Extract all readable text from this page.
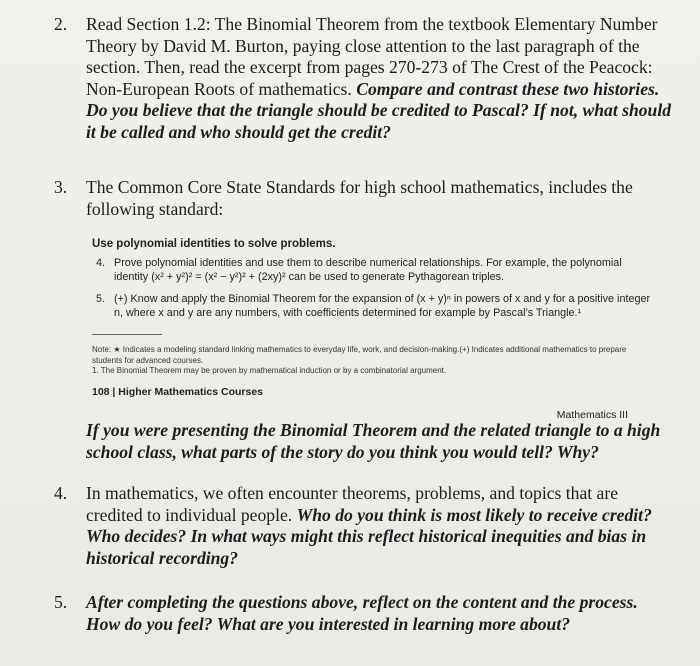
2.	Read Section 1.2: The Binomial Theorem from the textbook Elementary Number Theory by David M. Burton, paying close attention to the last paragraph of the section. Then, read the excerpt from pages 270-273 of The Crest of the Peacock: Non-European Roots of mathematics. Compare and contrast these two histories. Do you believe that the triangle should be credited to Pascal? If not, what should it be called and who should get the credit?
3.	The Common Core State Standards for high school mathematics, includes the following standard:
Use polynomial identities to solve problems.
4. Prove polynomial identities and use them to describe numerical relationships. For example, the polynomial identity (x² + y²)² = (x² − y²)² + (2xy)² can be used to generate Pythagorean triples.
5. (+) Know and apply the Binomial Theorem for the expansion of (x + y)ⁿ in powers of x and y for a positive integer n, where x and y are any numbers, with coefficients determined for example by Pascal’s Triangle.¹
Note: ★ Indicates a modeling standard linking mathematics to everyday life, work, and decision-making.(+) Indicates additional mathematics to prepare students for advanced courses.
1. The Binomial Theorem may be proven by mathematical induction or by a combinatorial argument.
108 | Higher Mathematics Courses
Mathematics III
If you were presenting the Binomial Theorem and the related triangle to a high school class, what parts of the story do you think you would tell? Why?
4.	In mathematics, we often encounter theorems, problems, and topics that are credited to individual people. Who do you think is most likely to receive credit? Who decides? In what ways might this reflect historical inequities and bias in historical recording?
5.	After completing the questions above, reflect on the content and the process. How do you feel? What are you interested in learning more about?
